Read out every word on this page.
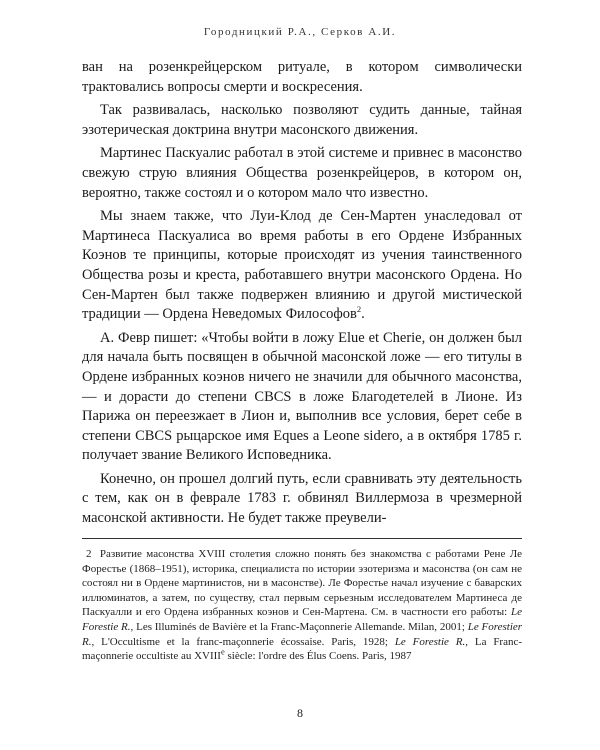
Городницкий Р.А., Серков А.И.

ван на розенкрейцерском ритуале, в котором символически трактовались вопросы смерти и воскресения.

Так развивалась, насколько позволяют судить данные, тайная эзотерическая доктрина внутри масонского движения.

Мартинес Паскуалис работал в этой системе и привнес в масонство свежую струю влияния Общества розенкрейцеров, в котором он, вероятно, также состоял и о котором мало что известно.

Мы знаем также, что Луи-Клод де Сен-Мартен унаследовал от Мартинеса Паскуалиса во время работы в его Ордене Избранных Коэнов те принципы, которые происходят из учения таинственного Общества розы и креста, работавшего внутри масонского Ордена. Но Сен-Мартен был также подвержен влиянию и другой мистической традиции — Ордена Неведомых Философов$^2$.

А. Февр пишет: «Чтобы войти в ложу Elue et Cherie, он должен был для начала быть посвящен в обычной масонской ложе — его титулы в Ордене избранных коэнов ничего не значили для обычного масонства, — и дорасти до степени CBCS в ложе Благодетелей в Лионе. Из Парижа он переезжает в Лион и, выполнив все условия, берет себе в степени CBCS рыцарское имя Eques a Leone sidero, а в октября 1785 г. получает звание Великого Исповедника.

Конечно, он прошел долгий путь, если сравнивать эту деятельность с тем, как он в феврале 1783 г. обвинял Виллермоза в чрезмерной масонской активности. Не будет также преувели-

2 Развитие масонства XVIII столетия сложно понять без знакомства с работами Рене Ле Форестье (1868–1951), историка, специалиста по истории эзотеризма и масонства (он сам не состоял ни в Ордене мартинистов, ни в масонстве). Ле Форестье начал изучение с баварских иллюминатов, а затем, по существу, стал первым серьезным исследователем Мартинеса де Паскуалли и его Ордена избранных коэнов и Сен-Мартена. См. в частности его работы: Le Forestie R., Les Illuminés de Bavière et la Franc-Maçonnerie Allemande. Milan, 2001; Le Forestier R., L'Occultisme et la franc-maçonnerie écossaise. Paris, 1928; Le Forestie R., La Franc-maçonnerie occultiste au XVIIIe siècle: l'ordre des Élus Coens. Paris, 1987
8
